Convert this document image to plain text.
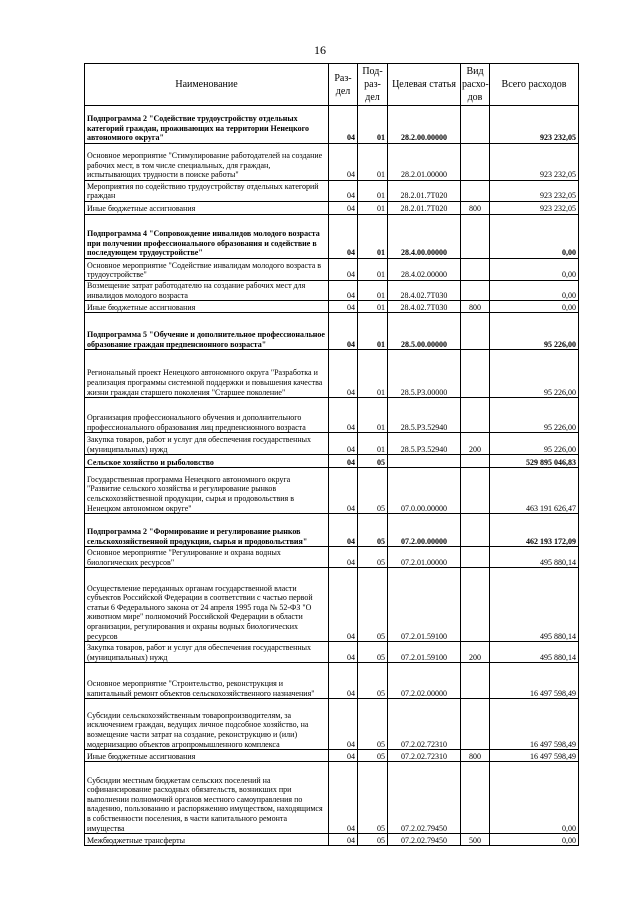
16
Наименование	Раз-дел	Под-раз-дел	Целевая статья	Вид расхо-дов	Всего расходов
Подпрограмма 2 "Содействие трудоустройству отдельных категорий граждан, проживающих на территории Ненецкого автономного округа"	04	01	28.2.00.00000		923 232,05
Основное мероприятие "Стимулирование работодателей на создание рабочих мест, в том числе специальных, для граждан, испытывающих трудности в поиске работы"	04	01	28.2.01.00000		923 232,05
Мероприятия по содействию трудоустройству отдельных категорий граждан	04	01	28.2.01.7Т020		923 232,05
Иные бюджетные ассигнования	04	01	28.2.01.7Т020	800	923 232,05
Подпрограмма 4 "Сопровождение инвалидов молодого возраста при получении профессионального образования и содействие в последующем трудоустройстве"	04	01	28.4.00.00000		0,00
Основное мероприятие "Содействие инвалидам молодого возраста в трудоустройстве"	04	01	28.4.02.00000		0,00
Возмещение затрат работодателю на создание рабочих мест для инвалидов молодого возраста	04	01	28.4.02.7Т030		0,00
Иные бюджетные ассигнования	04	01	28.4.02.7Т030	800	0,00
Подпрограмма 5 "Обучение и дополнительное профессиональное образование граждан предпенсионного возраста"	04	01	28.5.00.00000		95 226,00
Региональный проект Ненецкого автономного округа "Разработка и реализация программы системной поддержки и повышения качества жизни граждан старшего поколения "Старшее поколение"	04	01	28.5.Р3.00000		95 226,00
Организация профессионального обучения и дополнительного профессионального образования лиц предпенсионного возраста	04	01	28.5.Р3.52940		95 226,00
Закупка товаров, работ и услуг для обеспечения государственных (муниципальных) нужд	04	01	28.5.Р3.52940	200	95 226,00
Сельское хозяйство и рыболовство	04	05			529 895 046,83
Государственная программа Ненецкого автономного округа "Развитие сельского хозяйства и регулирование рынков сельскохозяйственной продукции, сырья и продовольствия в Ненецком автономном округе"	04	05	07.0.00.00000		463 191 626,47
Подпрограмма 2 "Формирование и регулирование рынков сельскохозяйственной продукции, сырья и продовольствия"	04	05	07.2.00.00000		462 193 172,09
Основное мероприятие "Регулирование и охрана водных биологических ресурсов"	04	05	07.2.01.00000		495 880,14
Осуществление переданных органам государственной власти субъектов Российской Федерации в соответствии с частью первой статьи 6 Федерального закона от 24 апреля 1995 года № 52-ФЗ "О животном мире" полномочий Российской Федерации в области организации, регулирования и охраны водных биологических ресурсов	04	05	07.2.01.59100		495 880,14
Закупка товаров, работ и услуг для обеспечения государственных (муниципальных) нужд	04	05	07.2.01.59100	200	495 880,14
Основное мероприятие "Строительство, реконструкция и капитальный ремонт объектов сельскохозяйственного назначения"	04	05	07.2.02.00000		16 497 598,49
Субсидии сельскохозяйственным товаропроизводителям, за исключением граждан, ведущих личное подсобное хозяйство, на возмещение части затрат на создание, реконструкцию и (или) модернизацию объектов агропромышленного комплекса	04	05	07.2.02.72310		16 497 598,49
Иные бюджетные ассигнования	04	05	07.2.02.72310	800	16 497 598,49
Субсидии местным бюджетам сельских поселений на софинансирование расходных обязательств, возникших при выполнении полномочий органов местного самоуправления по владению, пользованию и распоряжению имуществом, находящимся в собственности поселения, в части капитального ремонта имущества	04	05	07.2.02.79450		0,00
Межбюджетные трансферты	04	05	07.2.02.79450	500	0,00
